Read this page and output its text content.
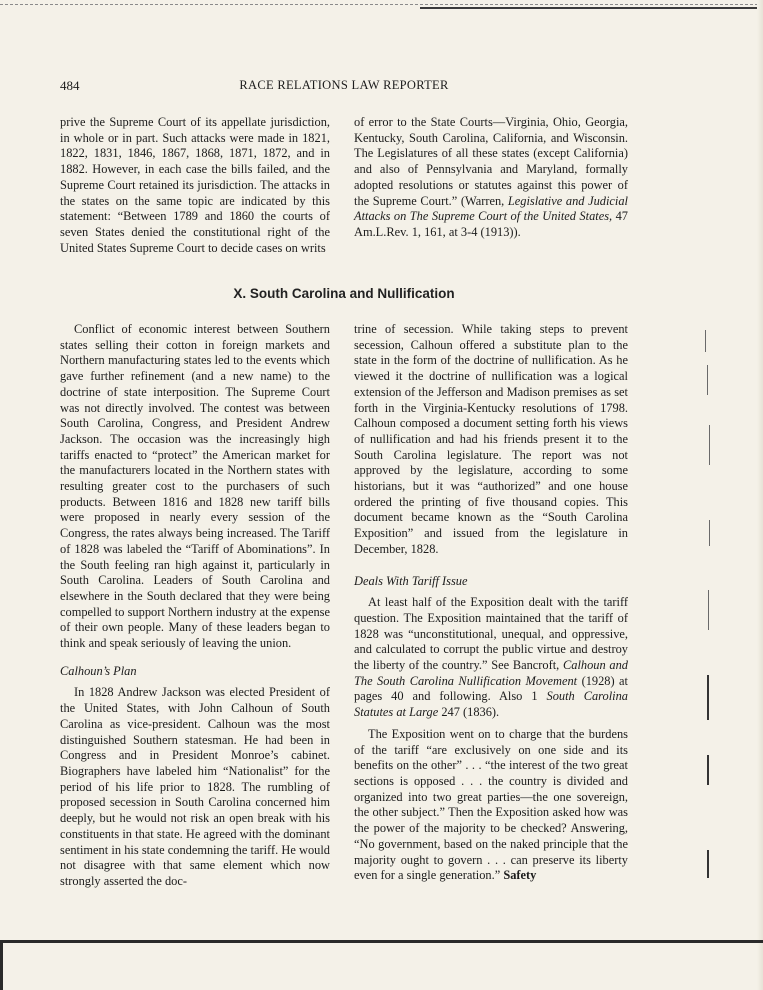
484	RACE RELATIONS LAW REPORTER

prive the Supreme Court of its appellate jurisdiction, in whole or in part. Such attacks were made in 1821, 1822, 1831, 1846, 1867, 1868, 1871, 1872, and in 1882. However, in each case the bills failed, and the Supreme Court retained its jurisdiction. The attacks in the states on the same topic are indicated by this statement: “Between 1789 and 1860 the courts of seven States denied the constitutional right of the United States Supreme Court to decide cases on writs

of error to the State Courts—Virginia, Ohio, Georgia, Kentucky, South Carolina, California, and Wisconsin. The Legislatures of all these states (except California) and also of Pennsylvania and Maryland, formally adopted resolutions or statutes against this power of the Supreme Court.” (Warren, Legislative and Judicial Attacks on The Supreme Court of the United States, 47 Am.L.Rev. 1, 161, at 3-4 (1913)).

X. South Carolina and Nullification

Conflict of economic interest between Southern states selling their cotton in foreign markets and Northern manufacturing states led to the events which gave further refinement (and a new name) to the doctrine of state interposition. The Supreme Court was not directly involved. The contest was between South Carolina, Congress, and President Andrew Jackson. The occasion was the increasingly high tariffs enacted to “protect” the American market for the manufacturers located in the Northern states with resulting greater cost to the purchasers of such products. Between 1816 and 1828 new tariff bills were proposed in nearly every session of the Congress, the rates always being increased. The Tariff of 1828 was labeled the “Tariff of Abominations”. In the South feeling ran high against it, particularly in South Carolina. Leaders of South Carolina and elsewhere in the South declared that they were being compelled to support Northern industry at the expense of their own people. Many of these leaders began to think and speak seriously of leaving the union.

Calhoun’s Plan

In 1828 Andrew Jackson was elected President of the United States, with John Calhoun of South Carolina as vice-president. Calhoun was the most distinguished Southern statesman. He had been in Congress and in President Monroe’s cabinet. Biographers have labeled him “Nationalist” for the period of his life prior to 1828. The rumbling of proposed secession in South Carolina concerned him deeply, but he would not risk an open break with his constituents in that state. He agreed with the dominant sentiment in his state condemning the tariff. He would not disagree with that same element which now strongly asserted the doc-

trine of secession. While taking steps to prevent secession, Calhoun offered a substitute plan to the state in the form of the doctrine of nullification. As he viewed it the doctrine of nullification was a logical extension of the Jefferson and Madison premises as set forth in the Virginia-Kentucky resolutions of 1798. Calhoun composed a document setting forth his views of nullification and had his friends present it to the South Carolina legislature. The report was not approved by the legislature, according to some historians, but it was “authorized” and one house ordered the printing of five thousand copies. This document became known as the “South Carolina Exposition” and issued from the legislature in December, 1828.

Deals With Tariff Issue

At least half of the Exposition dealt with the tariff question. The Exposition maintained that the tariff of 1828 was “unconstitutional, unequal, and oppressive, and calculated to corrupt the public virtue and destroy the liberty of the country.” See Bancroft, Calhoun and The South Carolina Nullification Movement (1928) at pages 40 and following. Also 1 South Carolina Statutes at Large 247 (1836).

The Exposition went on to charge that the burdens of the tariff “are exclusively on one side and its benefits on the other” . . . “the interest of the two great sections is opposed . . . the country is divided and organized into two great parties—the one sovereign, the other subject.” Then the Exposition asked how was the power of the majority to be checked? Answering, “No government, based on the naked principle that the majority ought to govern . . . can preserve its liberty even for a single generation.” Safety
